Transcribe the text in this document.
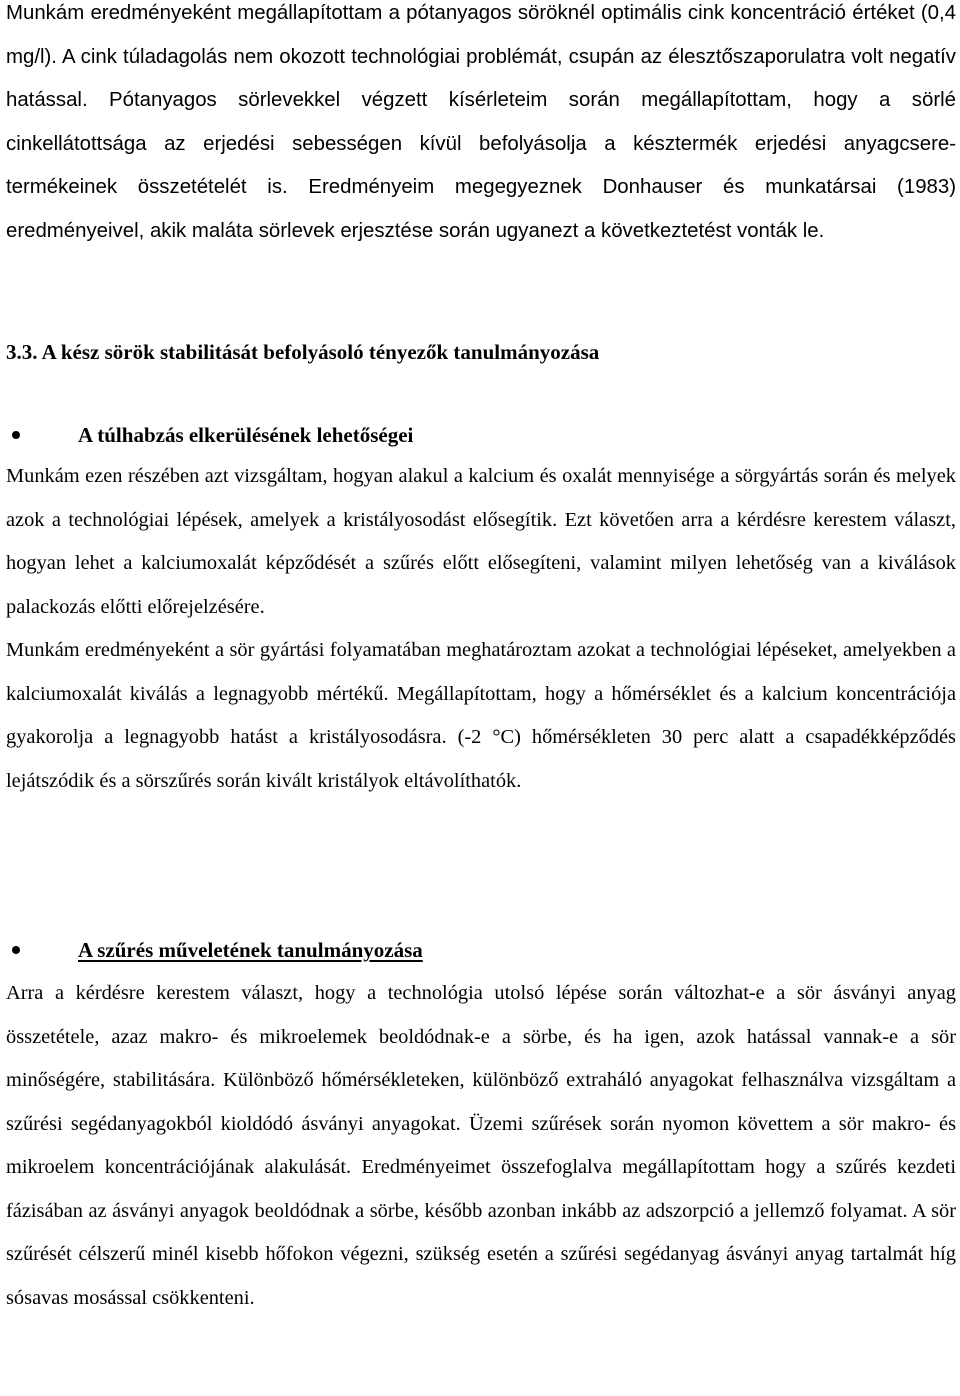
Munkám eredményeként megállapítottam a pótanyagos söröknél optimális cink koncentráció értéket (0,4 mg/l). A cink túladagolás nem okozott technológiai problémát, csupán az élesztőszaporulatra volt negatív hatással. Pótanyagos sörlevekkel végzett kísérleteim során megállapítottam, hogy a sörlé cinkellátottsága az erjedési sebességen kívül befolyásolja a késztermék erjedési anyagcsere-termékeinek összetételét is. Eredményeim megegyeznek Donhauser és munkatársai (1983) eredményeivel, akik maláta sörlevek erjesztése során ugyanezt a következtetést vonták le.

3.3. A kész sörök stabilitását befolyásoló tényezők tanulmányozása
A túlhabzás elkerülésének lehetőségei

Munkám ezen részében azt vizsgáltam, hogyan alakul a kalcium és oxalát mennyisége a sörgyártás során és melyek azok a technológiai lépések, amelyek a kristályosodást elősegítik. Ezt követően arra a kérdésre kerestem választ, hogyan lehet a kalciumoxalát képződését a szűrés előtt elősegíteni, valamint milyen lehetőség van a kiválások palackozás előtti előrejelzésére.

Munkám eredményeként a sör gyártási folyamatában meghatároztam azokat a technológiai lépéseket, amelyekben a kalciumoxalát kiválás a legnagyobb mértékű. Megállapítottam, hogy a hőmérséklet és a kalcium koncentrációja gyakorolja a legnagyobb hatást a kristályosodásra. (-2 °C) hőmérsékleten 30 perc alatt a csapadékképződés lejátszódik és a sörszűrés során kivált kristályok eltávolíthatók.

A szűrés műveletének tanulmányozása

Arra a kérdésre kerestem választ, hogy a technológia utolsó lépése során változhat-e a sör ásványi anyag összetétele, azaz makro- és mikroelemek beoldódnak-e a sörbe, és ha igen, azok hatással vannak-e a sör minőségére, stabilitására. Különböző hőmérsékleteken, különböző extraháló anyagokat felhasználva vizsgáltam a szűrési segédanyagokból kioldódó ásványi anyagokat. Üzemi szűrések során nyomon követtem a sör makro- és mikroelem koncentrációjának alakulását. Eredményeimet összefoglalva megállapítottam hogy a szűrés kezdeti fázisában az ásványi anyagok beoldódnak a sörbe, később azonban inkább az adszorpció a jellemző folyamat. A sör szűrését célszerű minél kisebb hőfokon végezni, szükség esetén a szűrési segédanyag ásványi anyag tartalmát híg sósavas mosással csökkenteni.
